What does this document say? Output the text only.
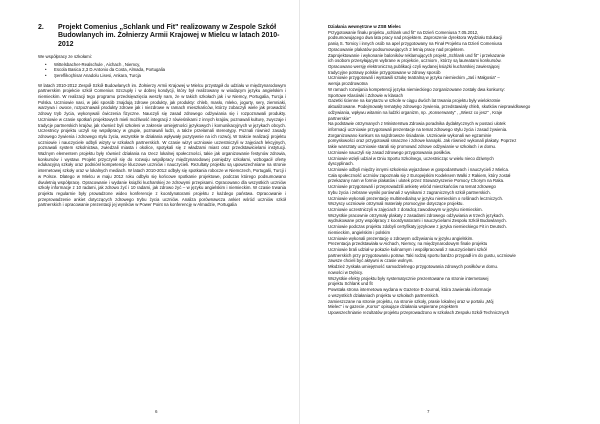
2.	Projekt Comenius „Schlank und Fit" realizowany w Zespole Szkół Budowlanych im. Żołnierzy Armii Krajowej w Mielcu w latach 2010-2012

We współpracy ze szkołami:

• Wittelsbacher-Realschule , Aichach , Niemcy,
• Escola Basica 2,3 D.Antonio da Costa, Almada, Portugalia
• Şereflikoçhisar Anadolu Lisesi, Ankara, Turcja

W latach 2010-2012 Zespół Szkół Budowlanych im. Żołnierzy Armii Krajowej w Mielcu przystąpił do udziału w międzynarodowym partnerskim projekcie szkół Comenius Szczupły i w dobrej kondycji, który był realizowany w wiodącym języku angielskim i niemieckim. W realizacji tego programu przedsięwzięcia weszły nam, że w takich szkołach jak i w Niemcy, Portugalia, Turcja i Polska. Uczniowie nasi, w jaki sposób znajdują zdrowe produkty, jak produkty: chleb, masło, mleko, jogurty, sery, ziemniaki, warzywa i owoce, rozpoznawali produkty zdrowe jak i niezdrowe w ramach mieszkańców, którzy zobaczyli wiele jak prowadzić zdrowy tryb życia, wykonywali ćwiczenia fizyczne. Nauczyli się zasad zdrowego odżywiania się i rozpoznawali produkty. Uczniowie w czasie spotkań projektowych mieli możliwość integracji z rówieśnikami z innych krajów, poznawali kulturę, zwyczaje i tradycje partnerskich krajów, jak również byli szkoleni w zakresie umiejętności językowych i komunikacyjnych w językach obcych. Uczestnicy projektu uczyli się współpracy w grupie, poznawali ludzi, a także przełamali stereotypy. Poznali również zasady zdrowego żywienia i zdrowego stylu życia, wszystkie te działania wpływały pozytywnie na ich rozwój. W trakcie realizacji projektu uczniowie i nauczyciele odbyli wizyty w szkołach partnerskich. W czasie wizyt uczniowie uczestniczyli w zajęciach lekcyjnych, poznawali system szkolnictwa, zwiedzali miasta i okolice, spotykali się z władzami miast oraz przedstawicielami instytucji. Ważnym elementem projektu były również działania na rzecz lokalnej społeczności, takie jak organizowanie festynów zdrowia, konkursów i wystaw. Projekt przyczynił się do rozwoju współpracy międzynarodowej pomiędzy szkołami, wzbogacił ofertę edukacyjną szkoły oraz podniósł kompetencje kluczowe uczniów i nauczycieli. Rezultaty projektu są upowszechniane na stronie internetowej szkoły oraz w lokalnych mediach. W latach 2010-2012 odbyły się spotkania robocze w Niemczech, Portugalii, Turcji i w Polsce. Dlatego w Mielcu w maju 2012 roku odbyło się końcowe spotkanie projektowe, podczas którego podsumowano dwuletnią współpracę. Opracowanie i wydanie książki kucharskiej ze zdrowymi przepisami. Opracowano dla wszystkich uczniów szkoły informacje z 10 radami, jak zdrowo żyć i 10 radami, jak zdrowo żyć – w języku angielskim i niemieckim. W czasie trwania projektu regularnie były prowadzone wideo konferencje z koordynatorami projektu z każdego państwa. Opracowanie i przeprowadzenie ankiet dotyczących zdrowego trybu życia uczniów. Analiza porównawcza ankiet wśród uczniów szkół partnerskich i opracowanie prezentacji jej wyników w Power Point na konferencję w Almadzie, Portugalia

6

Działania wewnętrzne w ZSB Mielec

Przygotowanie finału projektu „schlank und fit" na Dzień Comeniusa 7.05.2012,

podsumowującego dwa lata pracy nad projektem. Zaproszenie dyrektora Wydziału Edukacji

panią S. Tomicy i innych osób na apel przygotowany na Finał Projektu na Dzień Comeniusa

Opracowanie plakatów podsumowujących 2 letnią pracę nad projektem.

Zaprojektowanie i wykonanie baloników reklamujących projekt „Schlank und fit" i przekazanie

ich osobom przesyłającym wybrane w projekcie, uczniom , którzy są laureatami konkursów.

Opracowano wersję elektroniczną publikacji czyli wydanej książki kucharskiej zawierającej

tradycyjne potrawy polskie przygotowane w zdrowy sposób

Uczniowie przygotowali i wystawili sztukę teatralną w języku niemieckim „Jaś i Małgosia" –

wersja prozdrowotna

W ramach rozwijania kompetencji języka niemieckiego zorganizowane zostały dwa konkursy:

Sportowe Klasówki i Zdrowie w klasach

Gazetki ścienne na korytarzu w szkole w ciągu dwóch lat trwania projektu były wielokrotnie

aktualizowane. Podejmowały tematykę zdrowego żywienia, przedstawiały chleb, skutków nieprawidłowego

odżywiania, wpływu witamin na ludzki organizm, np. „Konserwanty" , „Wiesz co jesz" , Kraje

partnerskie"

Na podstawie otrzymanych z Ministerstwa Zdrowia poradnika dydaktycznych w postaci ulotek

informacji uczniowie przygotowali prezentacje na temat zdrowego stylu życia i zasad żywienia.

Zorganizowano konkurs na najzdrowsze śniadanie. Uczniowie wykonali we egzaminie

pomysłowości oraz przygotowali smaczne i zdrowe kanapki. Jak również wykonali plakaty. Poprzez

takie warsztaty uczniowie starali się promować zdrowe odżywianie w szkołach i w domu.

Uczniowie nauczyli się zasad zdrowego przygotowania posiłków.

Uczniowie wzięli udział w Dniu Sportu Szkolnego, uczestnicząc w wielu nieco dziwnych

dyscyplinach.

Uczniowie odbyli między innymi szkolenia wyjazdowe w gospodarstwach i nauczycieli z Mielca.

Cała społeczność uczniów zapoznała się z Europejskim Kodeksem Walki z Rakiem, który został

przekazany nam w formie plakatów i ulotek przez Stowarzyszenie Pomocy Chorym na Raka.

Uczniowie przygotowali i przeprowadzili ankietę wśród mieszkańców na temat zdrowego

trybu życia i zebrane wyniki porównali z wynikami z zagranicznych szkół partnerskich.

Uczniowie wykonali prezentację multimedialną w języku niemieckim o roślinach leczniczych.

Wszyscy uczniowie otrzymali materiały promocyjne dotyczące projektu.

Uczniowie uczestniczyli w zajęciach z doradcą zawodowym w języku niemieckim.

Wszystkie pracownie otrzymały plakaty z zasadami zdrowego odżywiania w trzech językach.

wydrukowane przy współpracy z koordynatorami i nauczycielami Zespołu Szkół Budowlanych.

Uczniowie podczas projektu zdobyli certyfikaty językowe z języka niemieckiego Fit in Deutsch.

niemieckim, angielskim i polskim

Uczniowie wykonali prezentację o zdrowym odżywianiu w języku angielskim.

Prezentacja przedstawiała w Aichach, Niemcy, na międzynarodowym finale projektu

Uczniowie brali udział w pokazie kulinarnym i współpracowali z nauczycielami szkół

partnerskich przy przygotowaniu potraw. Taki rodzaj sportu bardzo przypadł im do gustu, uczniowie

zawsze chcieli być aktywni w czasie wolnym.

Młodzież zyskała umiejętność samodzielnego przygotowania zdrowych posiłków w domu.

nowości w Dębicy.

Wszystkie efekty projektu były systematycznie prezentowane na stronie internetowej

projektu Schlank und fit

Powstała strona internetowa wydana w Gazetce E-Journal, która zawierała informacje

o wszystkich działaniach projektu w szkołach partnerskich.

zamieszczane na stronie projektu, na stronie szkoły, prasie lokalnej oraz w portalu „Mój

Mielec" i w gazecie „Korso" opisujące działania wspierane projektem

Upowszechnianie rezultatów projektu przeprowadzono w szkołach Zespołu Szkół Technicznych

7
